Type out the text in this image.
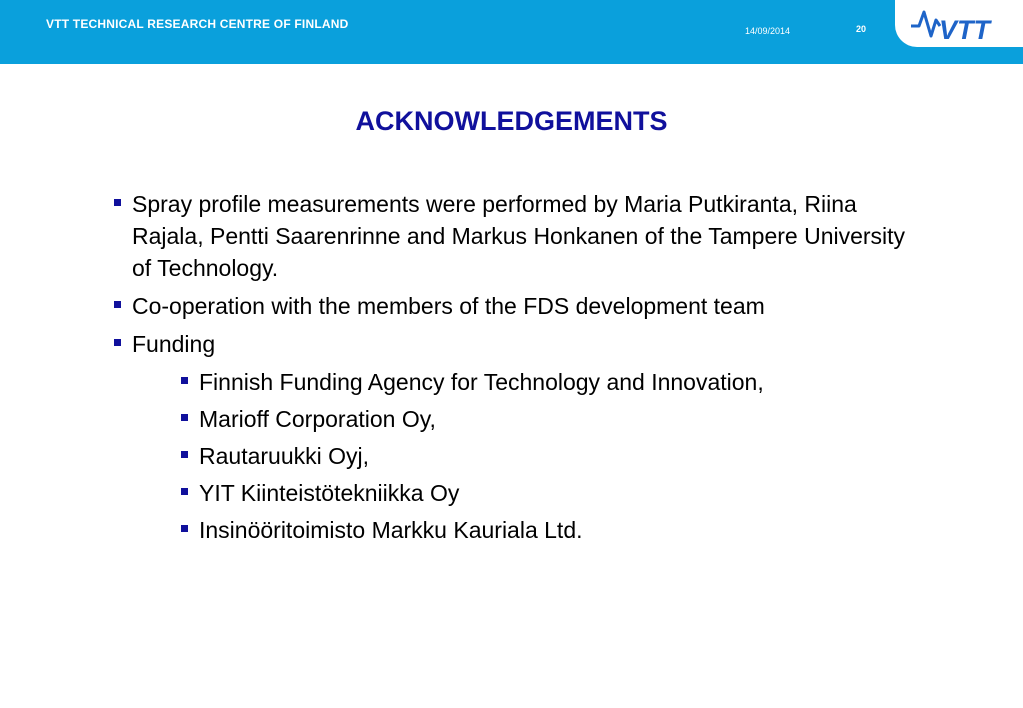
VTT TECHNICAL RESEARCH CENTRE OF FINLAND	14/09/2014	20	VTT
ACKNOWLEDGEMENTS
Spray profile measurements were performed by Maria Putkiranta, Riina Rajala, Pentti Saarenrinne and Markus Honkanen of the Tampere University of Technology.
Co-operation with the members of the FDS development team
Funding
Finnish Funding Agency for Technology and Innovation,
Marioff Corporation Oy,
Rautaruukki Oyj,
YIT Kiinteistötekniikka Oy
Insinööritoimisto Markku Kauriala Ltd.
